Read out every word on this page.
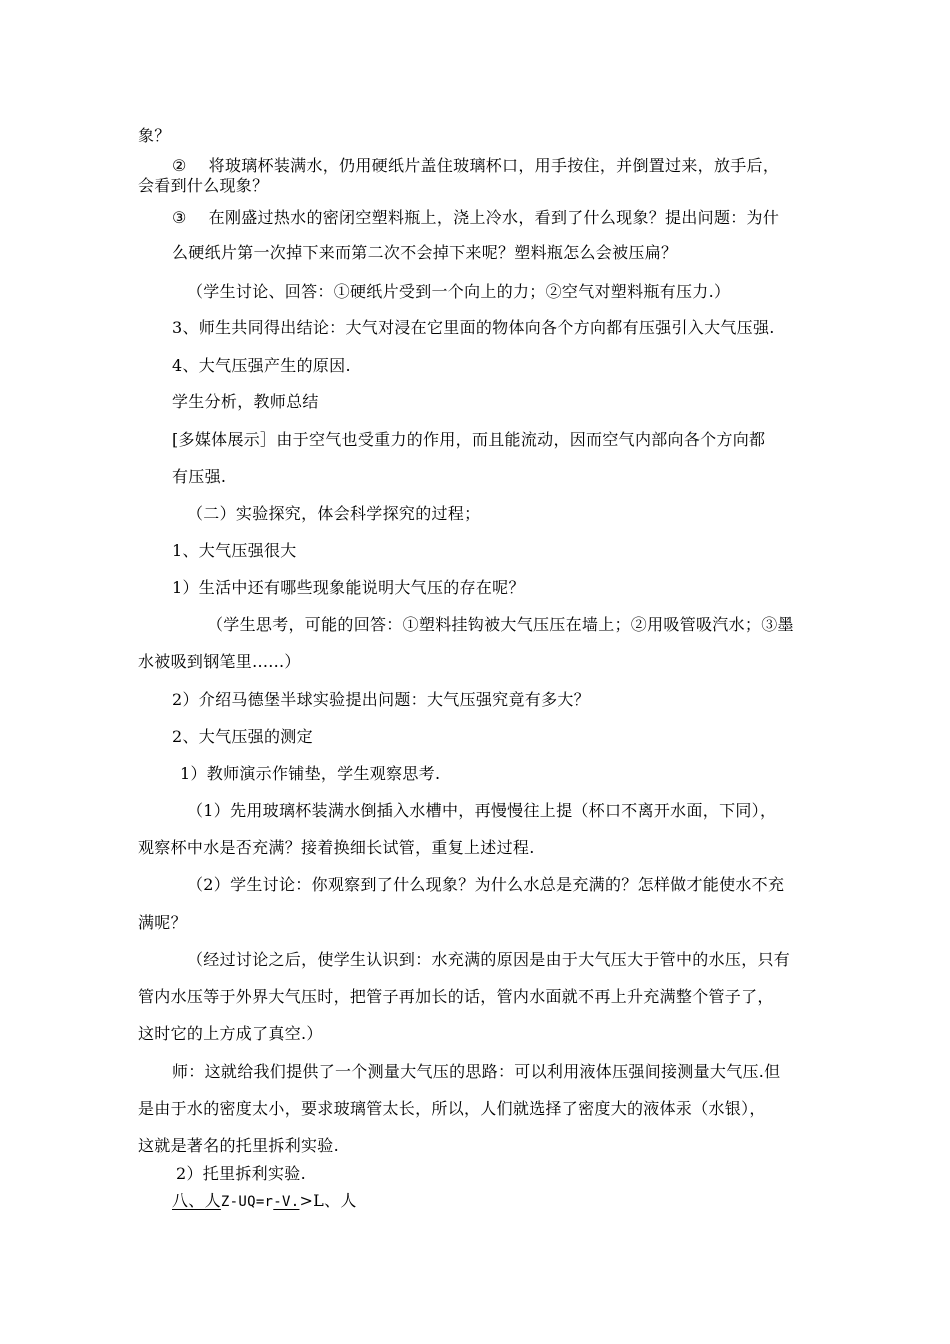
象？
② 将玻璃杯装满水，仍用硬纸片盖住玻璃杯口，用手按住，并倒置过来，放手后，
会看到什么现象？
③ 在刚盛过热水的密闭空塑料瓶上，浇上冷水，看到了什么现象？提出问题：为什
么硬纸片第一次掉下来而第二次不会掉下来呢？塑料瓶怎么会被压扁？
（学生讨论、回答：①硬纸片受到一个向上的力；②空气对塑料瓶有压力.）
3、师生共同得出结论：大气对浸在它里面的物体向各个方向都有压强引入大气压强.
4、大气压强产生的原因.
学生分析，教师总结
[多媒体展示］由于空气也受重力的作用，而且能流动，因而空气内部向各个方向都
有压强.
（二）实验探究，体会科学探究的过程；
1、大气压强很大
1）生活中还有哪些现象能说明大气压的存在呢？
（学生思考，可能的回答：①塑料挂钩被大气压压在墙上；②用吸管吸汽水；③墨
水被吸到钢笔里......）
2）介绍马德堡半球实验提出问题：大气压强究竟有多大？
2、大气压强的测定
1）教师演示作铺垫，学生观察思考.
（1）先用玻璃杯装满水倒插入水槽中，再慢慢往上提（杯口不离开水面，下同），
观察杯中水是否充满？接着换细长试管，重复上述过程.
（2）学生讨论：你观察到了什么现象？为什么水总是充满的？怎样做才能使水不充
满呢？
（经过讨论之后，使学生认识到：水充满的原因是由于大气压大于管中的水压，只有
管内水压等于外界大气压时，把管子再加长的话，管内水面就不再上升充满整个管子了，
这时它的上方成了真空.）
师：这就给我们提供了一个测量大气压的思路：可以利用液体压强间接测量大气压.但
是由于水的密度太小，要求玻璃管太长，所以，人们就选择了密度大的液体汞（水银），
这就是著名的托里拆利实验.
2）托里拆利实验.
八、人Z-UQ=r-V.>L、人
